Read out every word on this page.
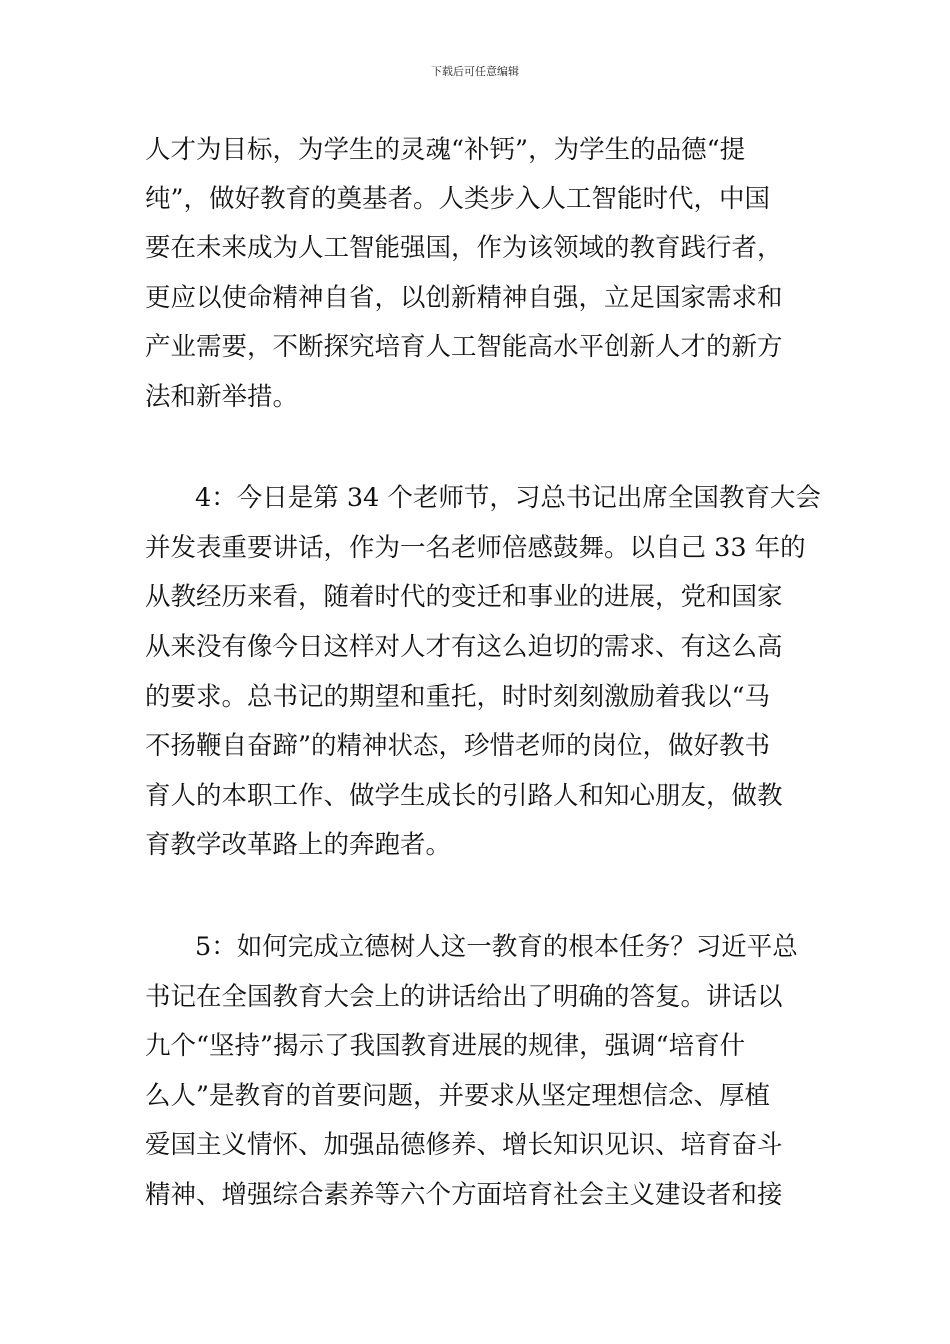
下载后可任意编辑

人才为目标，为学生的灵魂“补钙”，为学生的品德“提

纯”，做好教育的奠基者。人类步入人工智能时代，中国

要在未来成为人工智能强国，作为该领域的教育践行者，

更应以使命精神自省，以创新精神自强，立足国家需求和

产业需要，不断探究培育人工智能高水平创新人才的新方

法和新举措。

4：今日是第 34 个老师节，习总书记出席全国教育大会

并发表重要讲话，作为一名老师倍感鼓舞。以自己 33 年的

从教经历来看，随着时代的变迁和事业的进展，党和国家

从来没有像今日这样对人才有这么迫切的需求、有这么高

的要求。总书记的期望和重托，时时刻刻激励着我以“马

不扬鞭自奋蹄”的精神状态，珍惜老师的岗位，做好教书

育人的本职工作、做学生成长的引路人和知心朋友，做教

育教学改革路上的奔跑者。

5：如何完成立德树人这一教育的根本任务？习近平总

书记在全国教育大会上的讲话给出了明确的答复。讲话以

九个“坚持”揭示了我国教育进展的规律，强调“培育什

么人”是教育的首要问题，并要求从坚定理想信念、厚植

爱国主义情怀、加强品德修养、增长知识见识、培育奋斗

精神、增强综合素养等六个方面培育社会主义建设者和接
